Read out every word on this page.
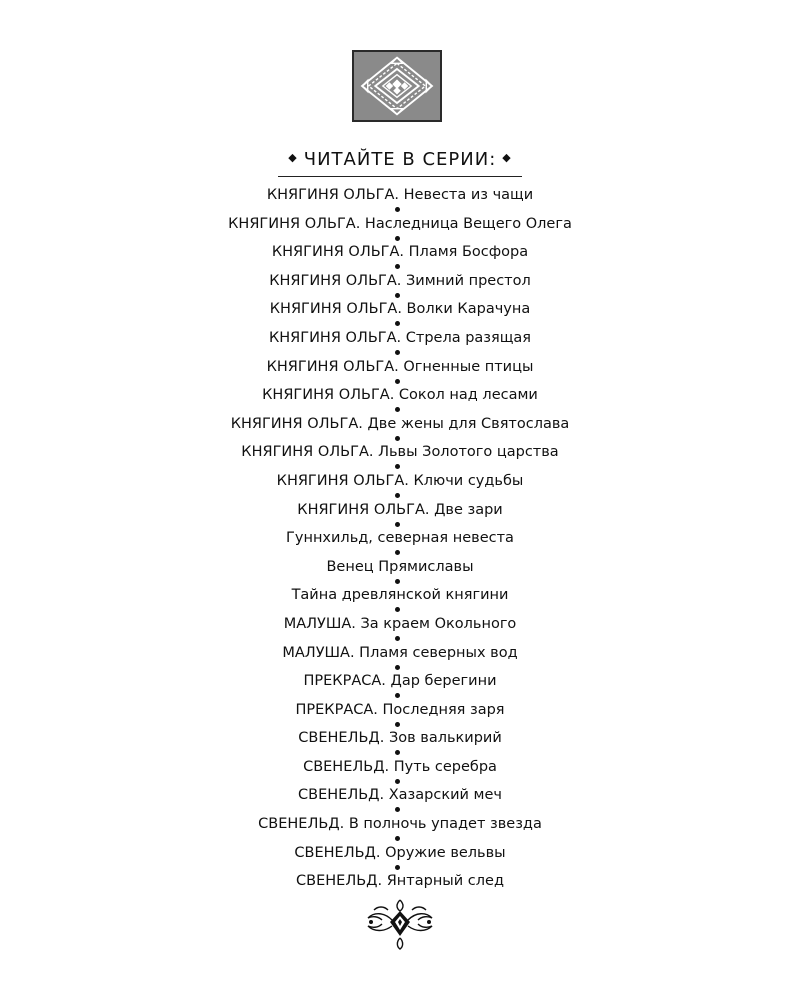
◆ ЧИТАЙТЕ В СЕРИИ: ◆
КНЯГИНЯ ОЛЬГА. Невеста из чащи
КНЯГИНЯ ОЛЬГА. Наследница Вещего Олега
КНЯГИНЯ ОЛЬГА. Пламя Босфора
КНЯГИНЯ ОЛЬГА. Зимний престол
КНЯГИНЯ ОЛЬГА. Волки Карачуна
КНЯГИНЯ ОЛЬГА. Стрела разящая
КНЯГИНЯ ОЛЬГА. Огненные птицы
КНЯГИНЯ ОЛЬГА. Сокол над лесами
КНЯГИНЯ ОЛЬГА. Две жены для Святослава
КНЯГИНЯ ОЛЬГА. Львы Золотого царства
КНЯГИНЯ ОЛЬГА. Ключи судьбы
КНЯГИНЯ ОЛЬГА. Две зари
Гуннхильд, северная невеста
Венец Прямиславы
Тайна древлянской княгини
МАЛУША. За краем Окольного
МАЛУША. Пламя северных вод
ПРЕКРАСА. Дар берегини
ПРЕКРАСА. Последняя заря
СВЕНЕЛЬД. Зов валькирий
СВЕНЕЛЬД. Путь серебра
СВЕНЕЛЬД. Хазарский меч
СВЕНЕЛЬД. В полночь упадет звезда
СВЕНЕЛЬД. Оружие вельвы
СВЕНЕЛЬД. Янтарный след
